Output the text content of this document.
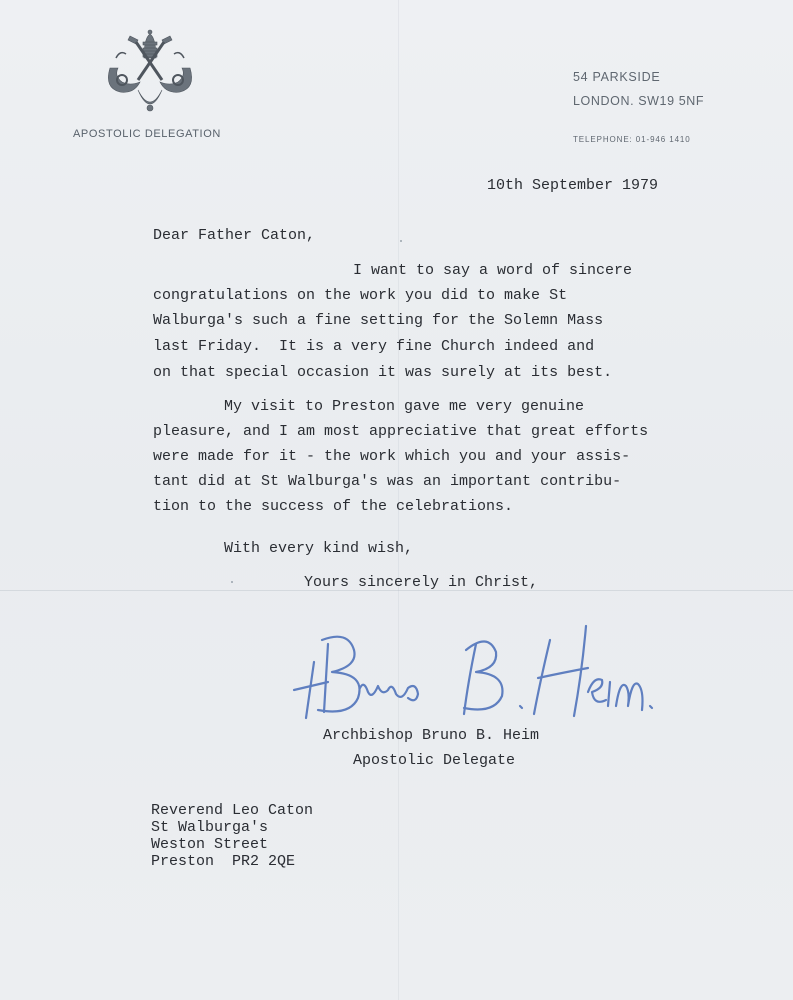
APOSTOLIC DELEGATION
54 PARKSIDE
LONDON. SW19 5NF
TELEPHONE: 01-946 1410
10th September 1979
Dear Father Caton,
I want to say a word of sincere
congratulations on the work you did to make St
Walburga's such a fine setting for the Solemn Mass
last Friday.  It is a very fine Church indeed and
on that special occasion it was surely at its best.
My visit to Preston gave me very genuine
pleasure, and I am most appreciative that great efforts
were made for it - the work which you and your assis-
tant did at St Walburga's was an important contribu-
tion to the success of the celebrations.
With every kind wish,
Yours sincerely in Christ,
Archbishop Bruno B. Heim
Apostolic Delegate
Reverend Leo Caton
St Walburga's
Weston Street
Preston  PR2 2QE
